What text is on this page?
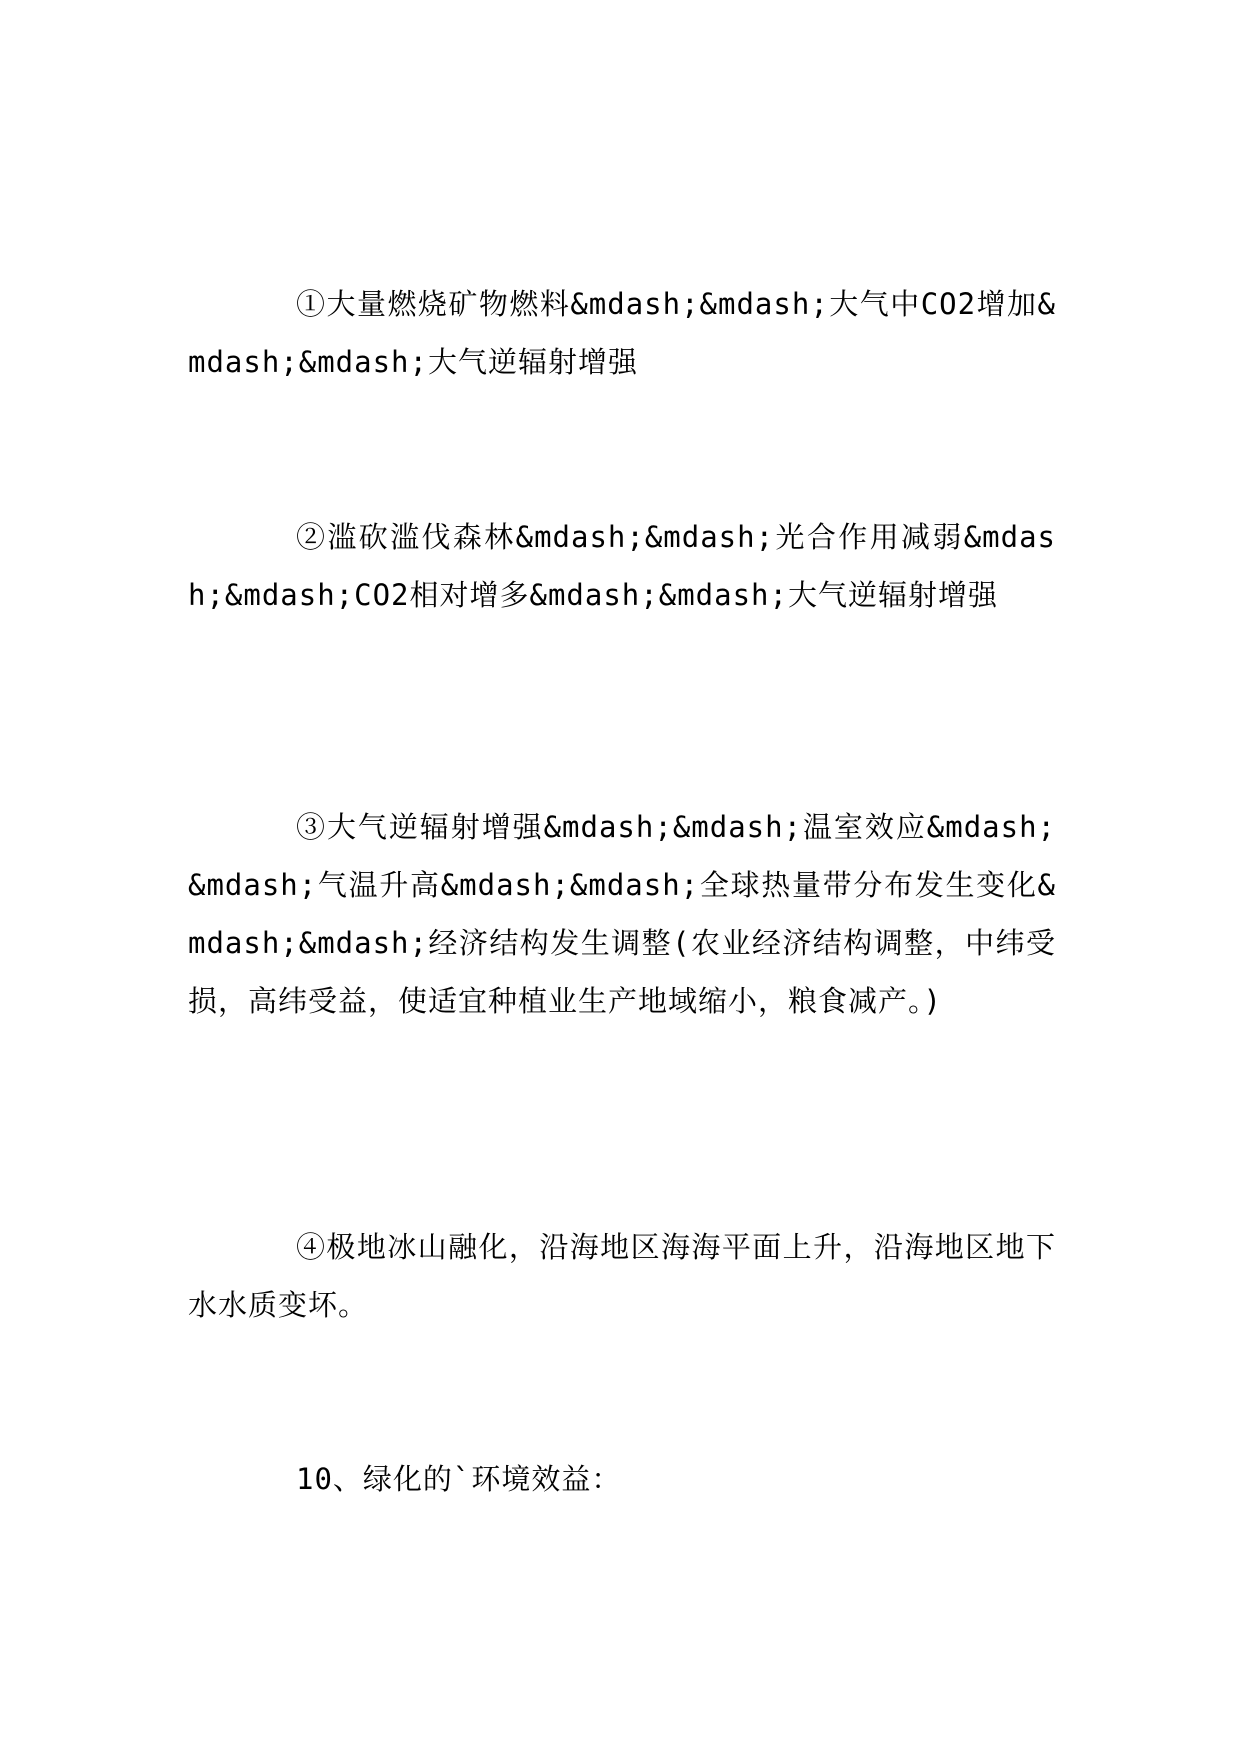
①大量燃烧矿物燃料&mdash;&mdash;大气中CO2增加&mdash;&mdash;大气逆辐射增强

②滥砍滥伐森林&mdash;&mdash;光合作用减弱&mdash;&mdash;CO2相对增多&mdash;&mdash;大气逆辐射增强

③大气逆辐射增强&mdash;&mdash;温室效应&mdash;&mdash;气温升高&mdash;&mdash;全球热量带分布发生变化&mdash;&mdash;经济结构发生调整(农业经济结构调整，中纬受损，高纬受益，使适宜种植业生产地域缩小，粮食减产。)

④极地冰山融化，沿海地区海海平面上升，沿海地区地下水水质变坏。

10、绿化的`环境效益：
